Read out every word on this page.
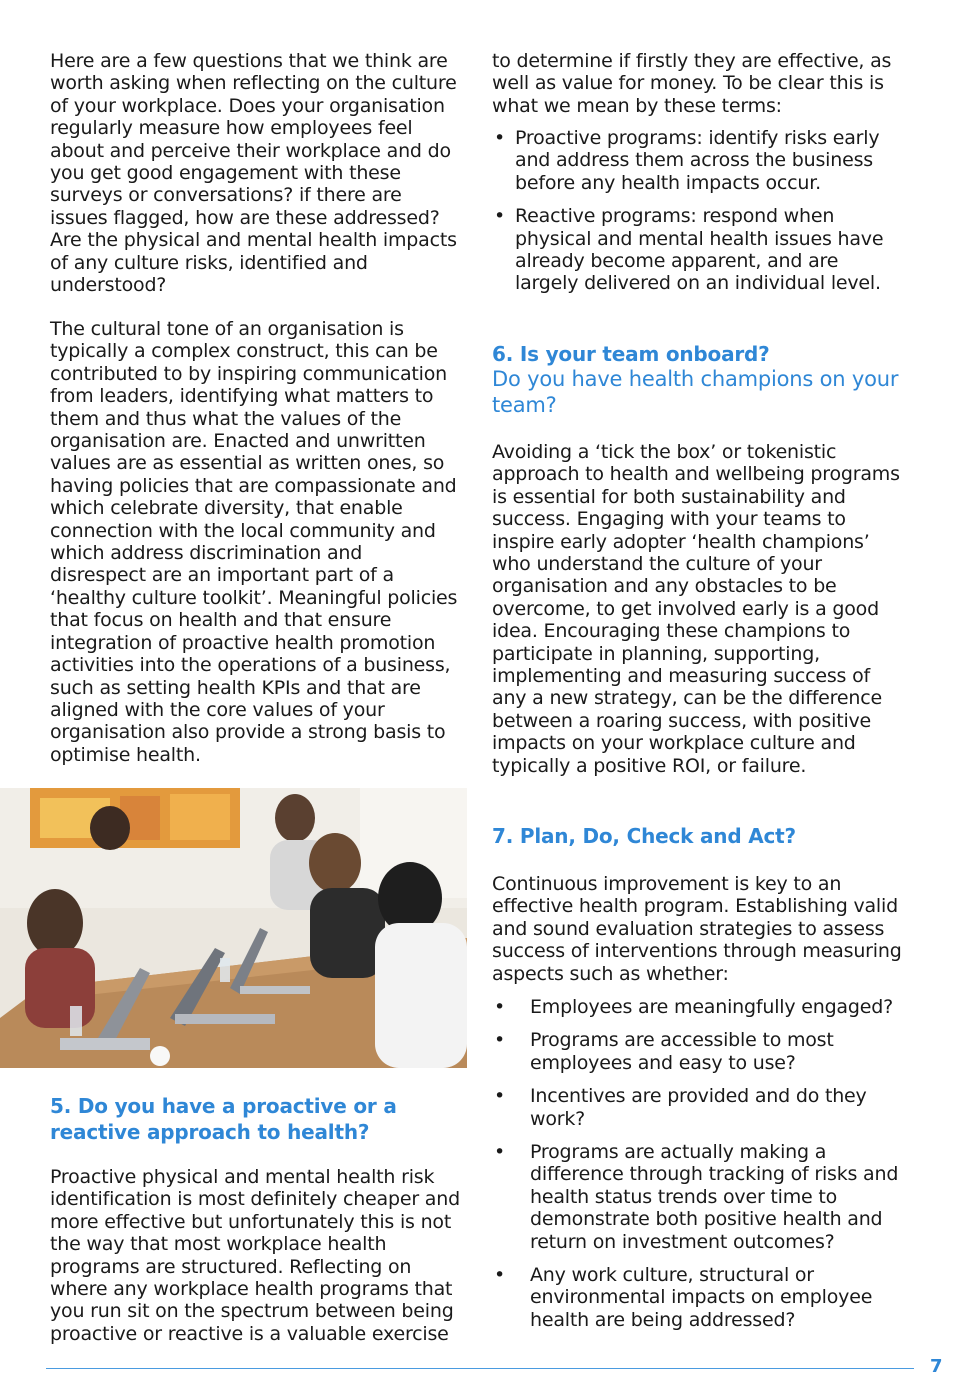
Here are a few questions that we think are worth asking when reflecting on the culture of your workplace. Does your organisation regularly measure how employees feel about and perceive their workplace and do you get good engagement with these surveys or conversations? if there are issues flagged, how are these addressed? Are the physical and mental health impacts of any culture risks, identified and understood?

The cultural tone of an organisation is typically a complex construct, this can be contributed to by inspiring communication from leaders, identifying what matters to them and thus what the values of the organisation are. Enacted and unwritten values are as essential as written ones, so having policies that are compassionate and which celebrate diversity, that enable connection with the local community and which address discrimination and disrespect are an important part of a ‘healthy culture toolkit’. Meaningful policies that focus on health and that ensure integration of proactive health promotion activities into the operations of a business, such as setting health KPIs and that are aligned with the core values of your organisation also provide a strong basis to optimise health.

5. Do you have a proactive or a reactive approach to health?

Proactive physical and mental health risk identification is most definitely cheaper and more effective but unfortunately this is not the way that most workplace health programs are structured. Reflecting on where any workplace health programs that you run sit on the spectrum between being proactive or reactive is a valuable exercise

to determine if firstly they are effective, as well as value for money. To be clear this is what we mean by these terms:

• Proactive programs: identify risks early and address them across the business before any health impacts occur.
• Reactive programs: respond when physical and mental health issues have already become apparent, and are largely delivered on an individual level.
6. Is your team onboard?
Do you have health champions on your team?

Avoiding a ‘tick the box’ or tokenistic approach to health and wellbeing programs is essential for both sustainability and success. Engaging with your teams to inspire early adopter ‘health champions’ who understand the culture of your organisation and any obstacles to be overcome, to get involved early is a good idea. Encouraging these champions to participate in planning, supporting, implementing and measuring success of any a new strategy, can be the difference between a roaring success, with positive impacts on your workplace culture and typically a positive ROI, or failure.

7. Plan, Do, Check and Act?

Continuous improvement is key to an effective health program. Establishing valid and sound evaluation strategies to assess success of interventions through measuring aspects such as whether:

• Employees are meaningfully engaged?
• Programs are accessible to most employees and easy to use?
• Incentives are provided and do they work?
• Programs are actually making a difference through tracking of risks and health status trends over time to demonstrate both positive health and return on investment outcomes?
• Any work culture, structural or environmental impacts on employee health are being addressed?
7
